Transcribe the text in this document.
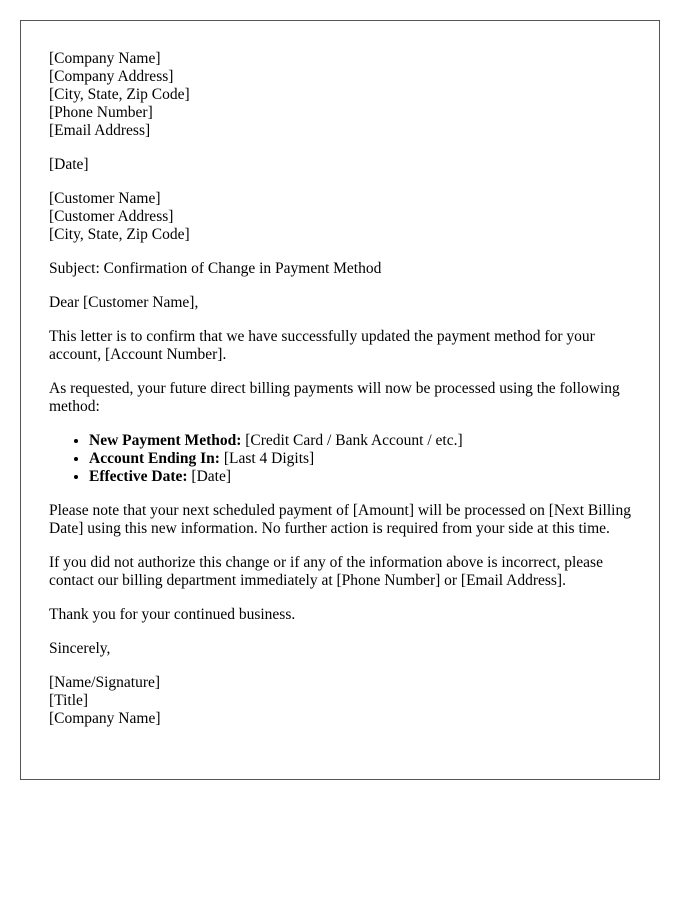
[Company Name]
[Company Address]
[City, State, Zip Code]
[Phone Number]
[Email Address]

[Date]

[Customer Name]
[Customer Address]
[City, State, Zip Code]

Subject: Confirmation of Change in Payment Method

Dear [Customer Name],

This letter is to confirm that we have successfully updated the payment method for your account, [Account Number].

As requested, your future direct billing payments will now be processed using the following method:

• New Payment Method: [Credit Card / Bank Account / etc.]
• Account Ending In: [Last 4 Digits]
• Effective Date: [Date]

Please note that your next scheduled payment of [Amount] will be processed on [Next Billing Date] using this new information. No further action is required from your side at this time.

If you did not authorize this change or if any of the information above is incorrect, please contact our billing department immediately at [Phone Number] or [Email Address].

Thank you for your continued business.

Sincerely,

[Name/Signature]
[Title]
[Company Name]
